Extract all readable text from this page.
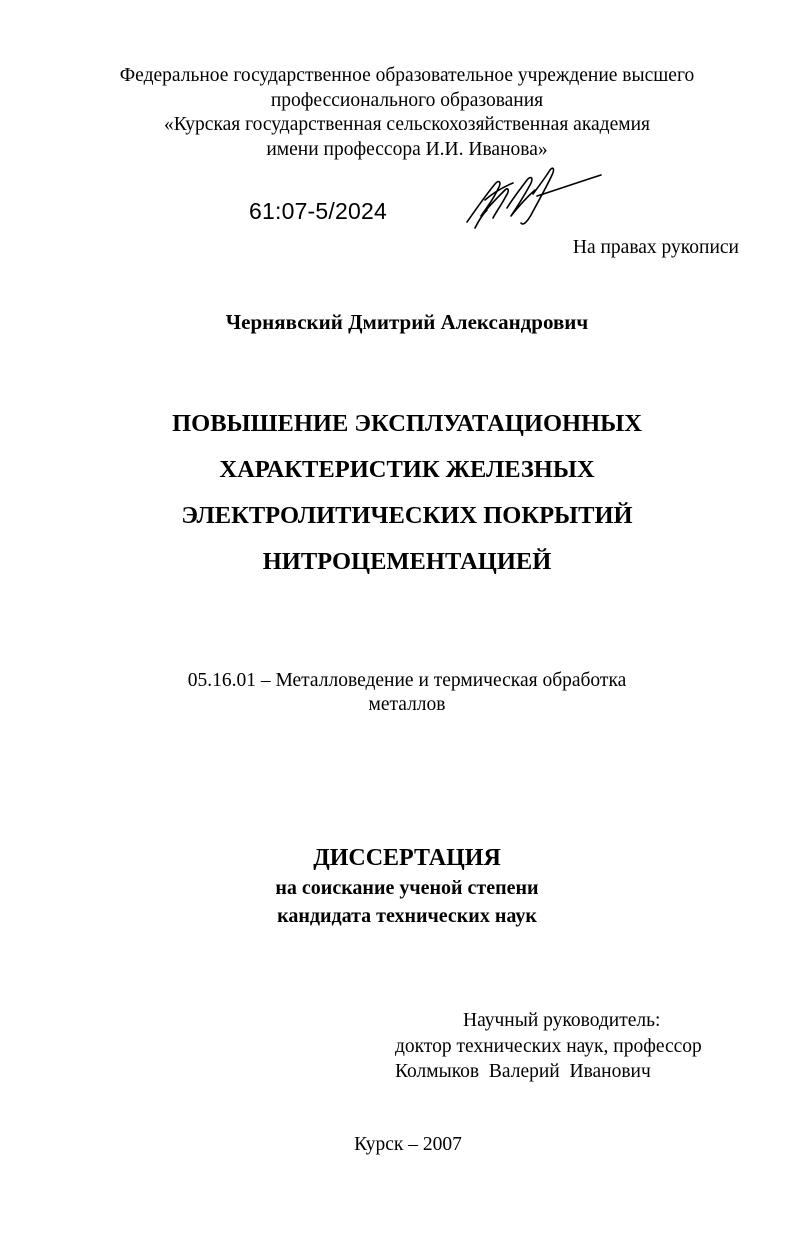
Федеральное государственное образовательное учреждение высшего
профессионального образования
«Курская государственная сельскохозяйственная академия
имени профессора И.И. Иванова»
61:07-5/2024
На правах рукописи
Чернявский Дмитрий Александрович
ПОВЫШЕНИЕ ЭКСПЛУАТАЦИОННЫХ
ХАРАКТЕРИСТИК ЖЕЛЕЗНЫХ
ЭЛЕКТРОЛИТИЧЕСКИХ ПОКРЫТИЙ
НИТРОЦЕМЕНТАЦИЕЙ
05.16.01 – Металловедение и термическая обработка
металлов
ДИССЕРТАЦИЯ
на соискание ученой степени
кандидата технических наук
Научный руководитель:
доктор технических наук, профессор
Колмыков  Валерий  Иванович
Курск – 2007
